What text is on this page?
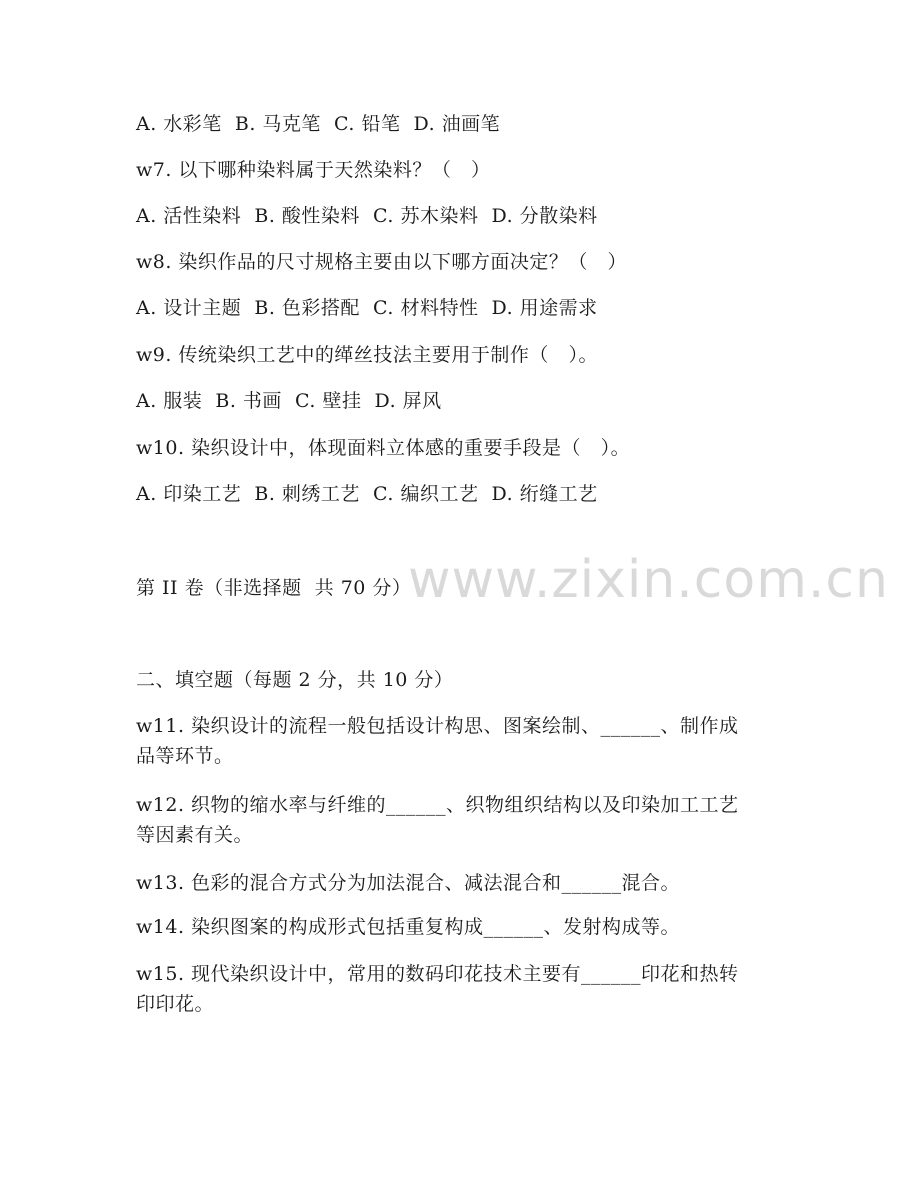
www.zixin.com.cn
A. 水彩笔  B. 马克笔  C. 铅笔  D. 油画笔
w7. 以下哪种染料属于天然染料？（   ）
A. 活性染料  B. 酸性染料  C. 苏木染料  D. 分散染料
w8. 染织作品的尺寸规格主要由以下哪方面决定？（   ）
A. 设计主题  B. 色彩搭配  C. 材料特性  D. 用途需求
w9. 传统染织工艺中的缂丝技法主要用于制作（   ）。
A. 服装  B. 书画  C. 壁挂  D. 屏风
w10. 染织设计中，体现面料立体感的重要手段是（   ）。
A. 印染工艺  B. 刺绣工艺  C. 编织工艺  D. 绗缝工艺
第 II 卷（非选择题  共 70 分）
二、填空题（每题 2 分，共 10 分）
w11. 染织设计的流程一般包括设计构思、图案绘制、______、制作成
品等环节。
w12. 织物的缩水率与纤维的______、织物组织结构以及印染加工工艺
等因素有关。
w13. 色彩的混合方式分为加法混合、减法混合和______混合。
w14. 染织图案的构成形式包括重复构成______、发射构成等。
w15. 现代染织设计中，常用的数码印花技术主要有______印花和热转
印印花。
